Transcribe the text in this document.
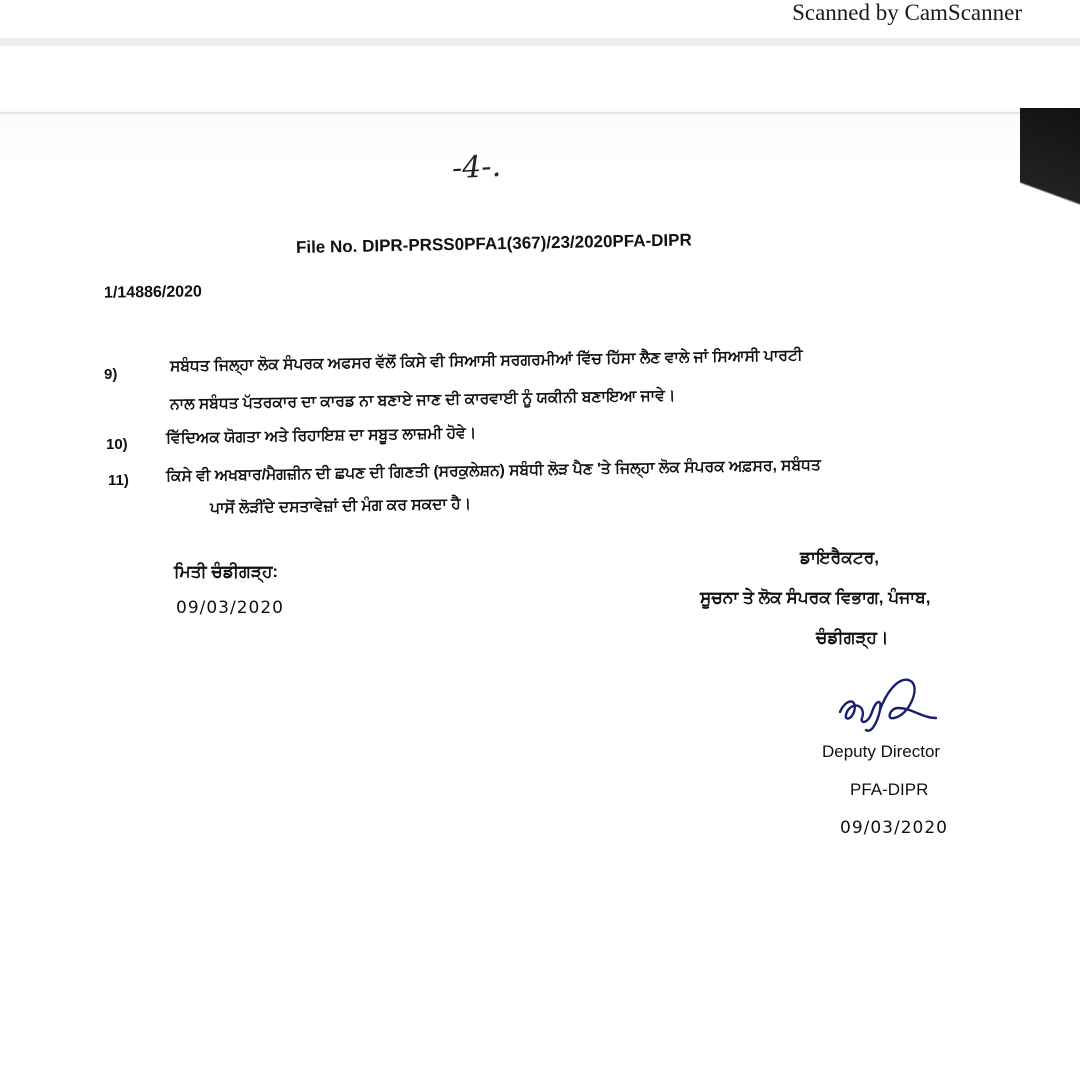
Scanned by CamScanner
-4-.
File No. DIPR-PRSS0PFA1(367)/23/2020PFA-DIPR
1/14886/2020
9)	ਸਬੰਧਤ ਜਿਲ੍ਹਾ ਲੋਕ ਸੰਪਰਕ ਅਫਸਰ ਵੱਲੋਂ ਕਿਸੇ ਵੀ ਸਿਆਸੀ ਸਰਗਰਮੀਆਂ ਵਿੱਚ ਹਿੱਸਾ ਲੈਣ ਵਾਲੇ ਜਾਂ ਸਿਆਸੀ ਪਾਰਟੀ
ਨਾਲ ਸਬੰਧਤ ਪੱਤਰਕਾਰ ਦਾ ਕਾਰਡ ਨਾ ਬਣਾਏ ਜਾਣ ਦੀ ਕਾਰਵਾਈ ਨੂੰ ਯਕੀਨੀ ਬਣਾਇਆ ਜਾਵੇ।
10) ਵਿੱਦਿਅਕ ਯੋਗਤਾ ਅਤੇ ਰਿਹਾਇਸ਼ ਦਾ ਸਬੂਤ ਲਾਜ਼ਮੀ ਹੋਵੇ।
11) ਕਿਸੇ ਵੀ ਅਖਬਾਰ/ਮੈਗਜ਼ੀਨ ਦੀ ਛਪਣ ਦੀ ਗਿਣਤੀ (ਸਰਕੁਲੇਸ਼ਨ) ਸਬੰਧੀ ਲੋੜ ਪੈਣ 'ਤੇ ਜਿਲ੍ਹਾ ਲੋਕ ਸੰਪਰਕ ਅਫ਼ਸਰ, ਸਬੰਧਤ
ਪਾਸੋਂ ਲੋੜੀਂਦੇ ਦਸਤਾਵੇਜ਼ਾਂ ਦੀ ਮੰਗ ਕਰ ਸਕਦਾ ਹੈ।
ਮਿਤੀ ਚੰਡੀਗੜ੍ਹ:
09/03/2020
ਡਾਇਰੈਕਟਰ,
ਸੂਚਨਾ ਤੇ ਲੋਕ ਸੰਪਰਕ ਵਿਭਾਗ, ਪੰਜਾਬ,
ਚੰਡੀਗੜ੍ਹ।
Deputy Director
PFA-DIPR
09/03/2020
